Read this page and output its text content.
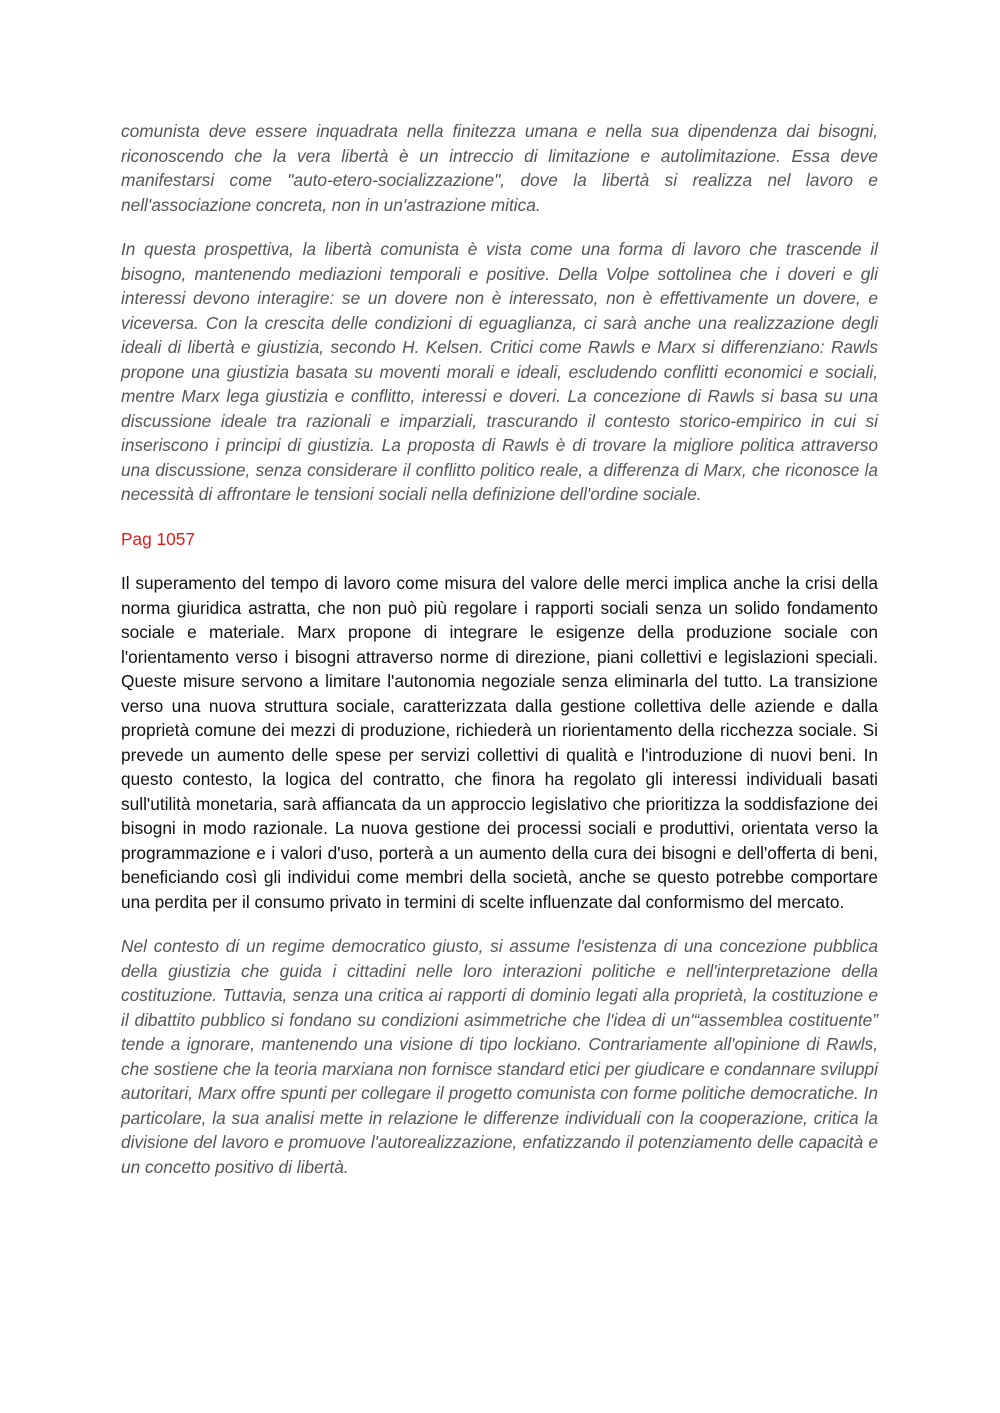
comunista deve essere inquadrata nella finitezza umana e nella sua dipendenza dai bisogni, riconoscendo che la vera libertà è un intreccio di limitazione e autolimitazione. Essa deve manifestarsi come "auto-etero-socializzazione", dove la libertà si realizza nel lavoro e nell'associazione concreta, non in un'astrazione mitica.

In questa prospettiva, la libertà comunista è vista come una forma di lavoro che trascende il bisogno, mantenendo mediazioni temporali e positive. Della Volpe sottolinea che i doveri e gli interessi devono interagire: se un dovere non è interessato, non è effettivamente un dovere, e viceversa. Con la crescita delle condizioni di eguaglianza, ci sarà anche una realizzazione degli ideali di libertà e giustizia, secondo H. Kelsen. Critici come Rawls e Marx si differenziano: Rawls propone una giustizia basata su moventi morali e ideali, escludendo conflitti economici e sociali, mentre Marx lega giustizia e conflitto, interessi e doveri. La concezione di Rawls si basa su una discussione ideale tra razionali e imparziali, trascurando il contesto storico-empirico in cui si inseriscono i principi di giustizia. La proposta di Rawls è di trovare la migliore politica attraverso una discussione, senza considerare il conflitto politico reale, a differenza di Marx, che riconosce la necessità di affrontare le tensioni sociali nella definizione dell'ordine sociale.

Pag 1057

Il superamento del tempo di lavoro come misura del valore delle merci implica anche la crisi della norma giuridica astratta, che non può più regolare i rapporti sociali senza un solido fondamento sociale e materiale. Marx propone di integrare le esigenze della produzione sociale con l'orientamento verso i bisogni attraverso norme di direzione, piani collettivi e legislazioni speciali. Queste misure servono a limitare l'autonomia negoziale senza eliminarla del tutto. La transizione verso una nuova struttura sociale, caratterizzata dalla gestione collettiva delle aziende e dalla proprietà comune dei mezzi di produzione, richiederà un riorientamento della ricchezza sociale. Si prevede un aumento delle spese per servizi collettivi di qualità e l'introduzione di nuovi beni. In questo contesto, la logica del contratto, che finora ha regolato gli interessi individuali basati sull'utilità monetaria, sarà affiancata da un approccio legislativo che prioritizza la soddisfazione dei bisogni in modo razionale. La nuova gestione dei processi sociali e produttivi, orientata verso la programmazione e i valori d'uso, porterà a un aumento della cura dei bisogni e dell'offerta di beni, beneficiando così gli individui come membri della società, anche se questo potrebbe comportare una perdita per il consumo privato in termini di scelte influenzate dal conformismo del mercato.

Nel contesto di un regime democratico giusto, si assume l'esistenza di una concezione pubblica della giustizia che guida i cittadini nelle loro interazioni politiche e nell'interpretazione della costituzione. Tuttavia, senza una critica ai rapporti di dominio legati alla proprietà, la costituzione e il dibattito pubblico si fondano su condizioni asimmetriche che l'idea di un'“assemblea costituente” tende a ignorare, mantenendo una visione di tipo lockiano. Contrariamente all'opinione di Rawls, che sostiene che la teoria marxiana non fornisce standard etici per giudicare e condannare sviluppi autoritari, Marx offre spunti per collegare il progetto comunista con forme politiche democratiche. In particolare, la sua analisi mette in relazione le differenze individuali con la cooperazione, critica la divisione del lavoro e promuove l'autorealizzazione, enfatizzando il potenziamento delle capacità e un concetto positivo di libertà.
